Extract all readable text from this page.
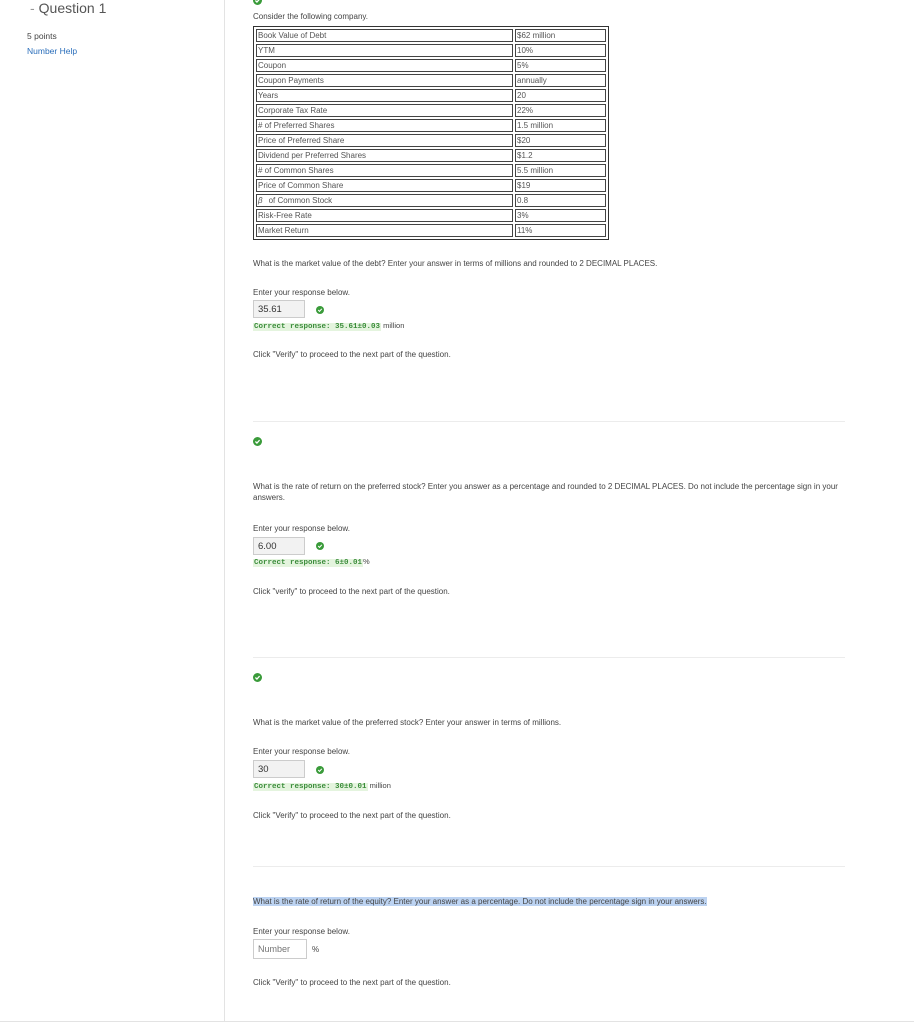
- Question 1
5 points
Number Help
Consider the following company.
Book Value of Debt	$62 million
YTM	10%
Coupon	5%
Coupon Payments	annually
Years	20
Corporate Tax Rate	22%
# of Preferred Shares	1.5 million
Price of Preferred Share	$20
Dividend per Preferred Shares	$1.2
# of Common Shares	5.5 million
Price of Common Share	$19
β of Common Stock	0.8
Risk-Free Rate	3%
Market Return	11%
What is the market value of the debt? Enter your answer in terms of millions and rounded to 2 DECIMAL PLACES.
Enter your response below.
35.61
Correct response: 35.61±0.03 million
Click "Verify" to proceed to the next part of the question.
What is the rate of return on the preferred stock? Enter you answer as a percentage and rounded to 2 DECIMAL PLACES. Do not include the percentage sign in your answers.
Enter your response below.
6.00
Correct response: 6±0.01%
Click "verify" to proceed to the next part of the question.
What is the market value of the preferred stock? Enter your answer in terms of millions.
Enter your response below.
30
Correct response: 30±0.01 million
Click "Verify" to proceed to the next part of the question.
What is the rate of return of the equity? Enter your answer as a percentage. Do not include the percentage sign in your answers.
Enter your response below.
Number
%
Click "Verify" to proceed to the next part of the question.
